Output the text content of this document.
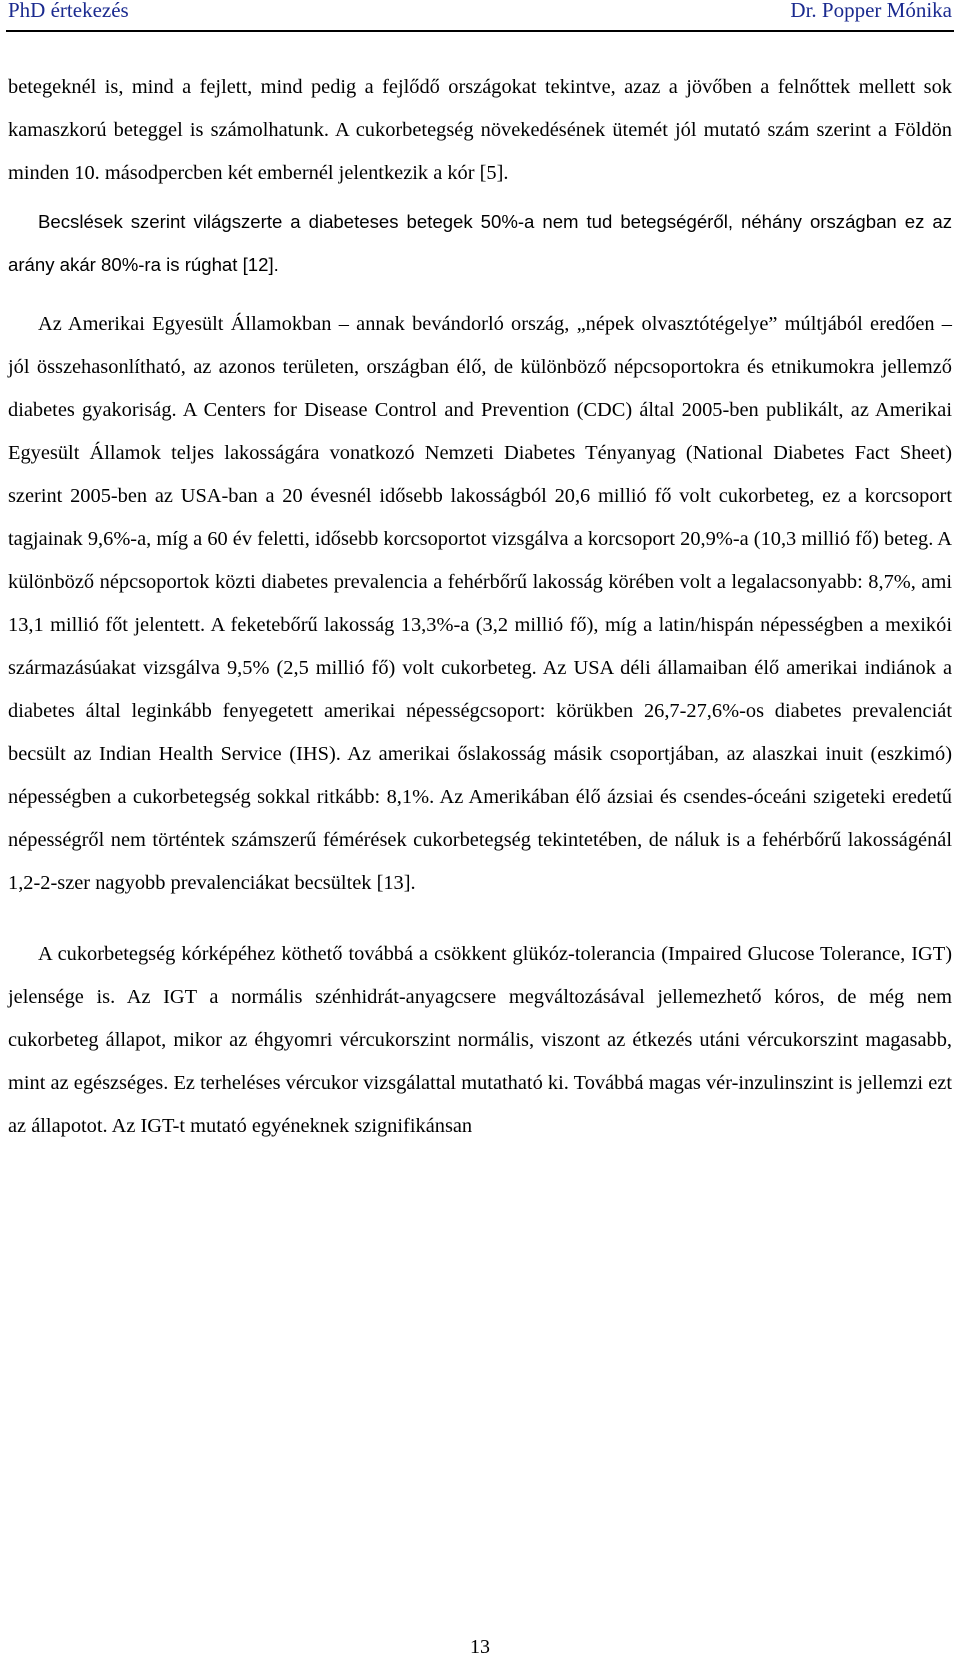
PhD értekezés	Dr. Popper Mónika

betegeknél is, mind a fejlett, mind pedig a fejlődő országokat tekintve, azaz a jövőben a felnőttek mellett sok kamaszkorú beteggel is számolhatunk. A cukorbetegség növekedésének ütemét jól mutató szám szerint a Földön minden 10. másodpercben két embernél jelentkezik a kór [5].

Becslések szerint világszerte a diabeteses betegek 50%-a nem tud betegségéről, néhány országban ez az arány akár 80%-ra is rúghat [12].

Az Amerikai Egyesült Államokban – annak bevándorló ország, „népek olvasztótégelye” múltjából eredően – jól összehasonlítható, az azonos területen, országban élő, de különböző népcsoportokra és etnikumokra jellemző diabetes gyakoriság. A Centers for Disease Control and Prevention (CDC) által 2005-ben publikált, az Amerikai Egyesült Államok teljes lakosságára vonatkozó Nemzeti Diabetes Tényanyag (National Diabetes Fact Sheet) szerint 2005-ben az USA-ban a 20 évesnél idősebb lakosságból 20,6 millió fő volt cukorbeteg, ez a korcsoport tagjainak 9,6%-a, míg a 60 év feletti, idősebb korcsoportot vizsgálva a korcsoport 20,9%-a (10,3 millió fő) beteg. A különböző népcsoportok közti diabetes prevalencia a fehérbőrű lakosság körében volt a legalacsonyabb: 8,7%, ami 13,1 millió főt jelentett. A feketebőrű lakosság 13,3%-a (3,2 millió fő), míg a latin/hispán népességben a mexikói származásúakat vizsgálva 9,5% (2,5 millió fő) volt cukorbeteg. Az USA déli államaiban élő amerikai indiánok a diabetes által leginkább fenyegetett amerikai népességcsoport: körükben 26,7-27,6%-os diabetes prevalenciát becsült az Indian Health Service (IHS). Az amerikai őslakosság másik csoportjában, az alaszkai inuit (eszkimó) népességben a cukorbetegség sokkal ritkább: 8,1%. Az Amerikában élő ázsiai és csendes-óceáni szigeteki eredetű népességről nem történtek számszerű fémérések cukorbetegség tekintetében, de náluk is a fehérbőrű lakosságénál 1,2-2-szer nagyobb prevalenciákat becsültek [13].

A cukorbetegség kórképéhez köthető továbbá a csökkent glükóz-tolerancia (Impaired Glucose Tolerance, IGT) jelensége is. Az IGT a normális szénhidrát-anyagcsere megváltozásával jellemezhető kóros, de még nem cukorbeteg állapot, mikor az éhgyomri vércukorszint normális, viszont az étkezés utáni vércukorszint magasabb, mint az egészséges. Ez terheléses vércukor vizsgálattal mutatható ki. Továbbá magas vér-inzulinszint is jellemzi ezt az állapotot. Az IGT-t mutató egyéneknek szignifikánsan

13
